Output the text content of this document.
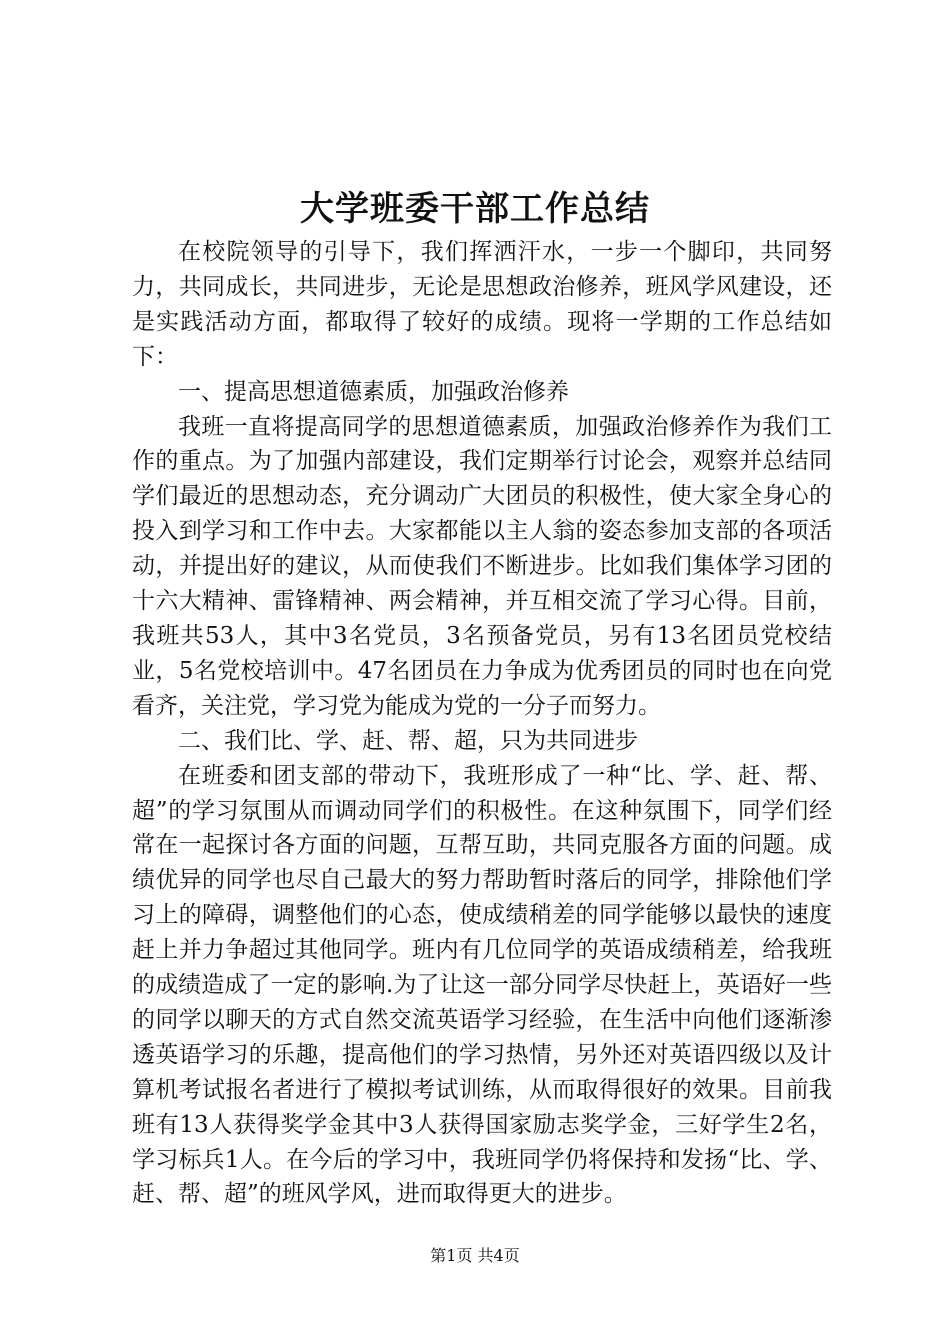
大学班委干部工作总结

在校院领导的引导下，我们挥洒汗水，一步一个脚印，共同努力，共同成长，共同进步，无论是思想政治修养，班风学风建设，还是实践活动方面，都取得了较好的成绩。现将一学期的工作总结如下：

一、提高思想道德素质，加强政治修养

我班一直将提高同学的思想道德素质，加强政治修养作为我们工作的重点。为了加强内部建设，我们定期举行讨论会，观察并总结同学们最近的思想动态，充分调动广大团员的积极性，使大家全身心的投入到学习和工作中去。大家都能以主人翁的姿态参加支部的各项活动，并提出好的建议，从而使我们不断进步。比如我们集体学习团的十六大精神、雷锋精神、两会精神，并互相交流了学习心得。目前，我班共53人，其中3名党员，3名预备党员，另有13名团员党校结业，5名党校培训中。47名团员在力争成为优秀团员的同时也在向党看齐，关注党，学习党为能成为党的一分子而努力。

二、我们比、学、赶、帮、超，只为共同进步

在班委和团支部的带动下，我班形成了一种“比、学、赶、帮、超”的学习氛围从而调动同学们的积极性。在这种氛围下，同学们经常在一起探讨各方面的问题，互帮互助，共同克服各方面的问题。成绩优异的同学也尽自己最大的努力帮助暂时落后的同学，排除他们学习上的障碍，调整他们的心态，使成绩稍差的同学能够以最快的速度赶上并力争超过其他同学。班内有几位同学的英语成绩稍差，给我班的成绩造成了一定的影响.为了让这一部分同学尽快赶上，英语好一些的同学以聊天的方式自然交流英语学习经验，在生活中向他们逐渐渗透英语学习的乐趣，提高他们的学习热情，另外还对英语四级以及计算机考试报名者进行了模拟考试训练，从而取得很好的效果。目前我班有13人获得奖学金其中3人获得国家励志奖学金，三好学生2名，学习标兵1人。在今后的学习中，我班同学仍将保持和发扬“比、学、赶、帮、超”的班风学风，进而取得更大的进步。

第1页 共4页
